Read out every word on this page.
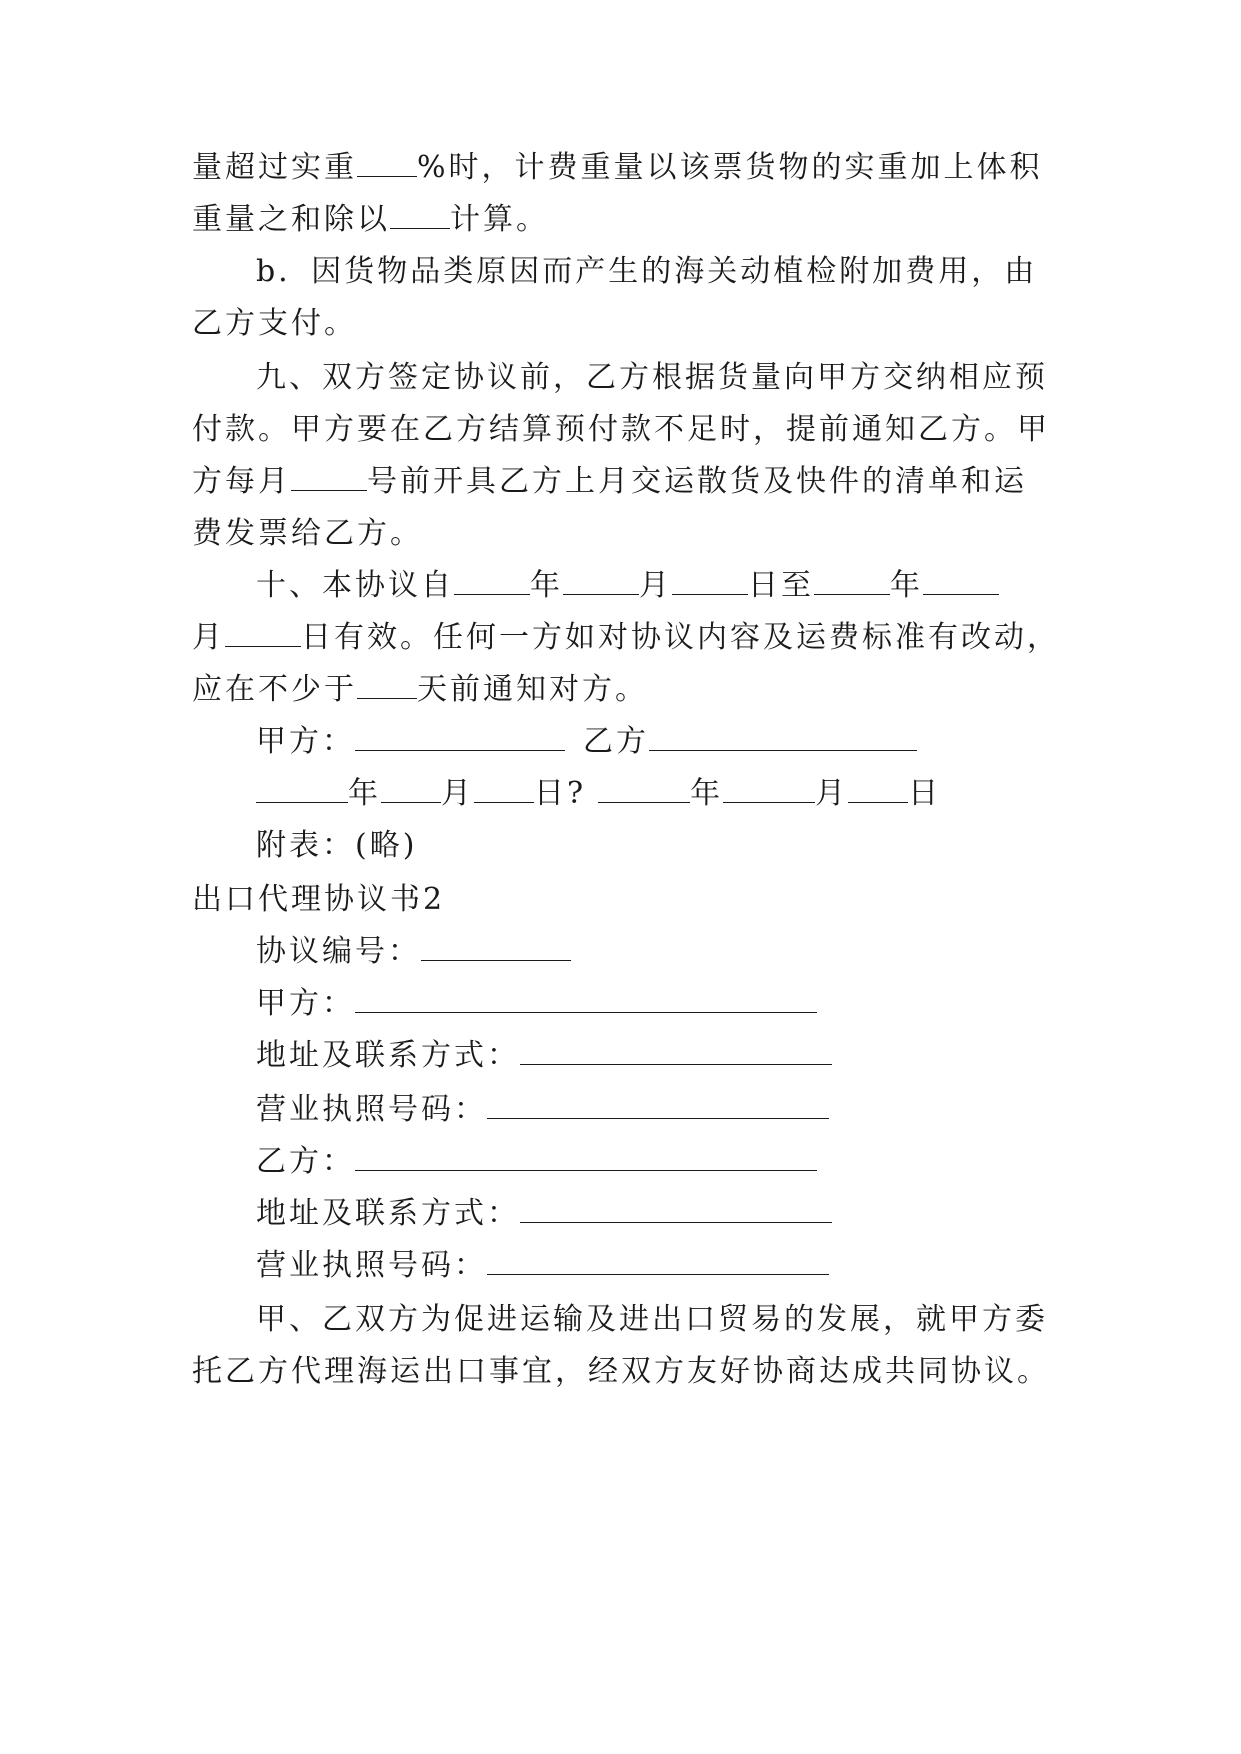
量超过实重 %时，计费重量以该票货物的实重加上体积
重量之和除以 计算。
b．因货物品类原因而产生的海关动植检附加费用，由
乙方支付。
九、双方签定协议前，乙方根据货量向甲方交纳相应预
付款。甲方要在乙方结算预付款不足时，提前通知乙方。甲
方每月	号前开具乙方上月交运散货及快件的清单和运
费发票给乙方。
十、本协议自	年	月	日至	年
月	日有效。任何一方如对协议内容及运费标准有改动，
应在不少于 天前通知对方。
甲方：	乙方
年 月 日?	年	月 日
附表：(略)
出口代理协议书2
协议编号：
甲方：
地址及联系方式：
营业执照号码：
乙方：
地址及联系方式：
营业执照号码：
甲、乙双方为促进运输及进出口贸易的发展，就甲方委
托乙方代理海运出口事宜，经双方友好协商达成共同协议。
